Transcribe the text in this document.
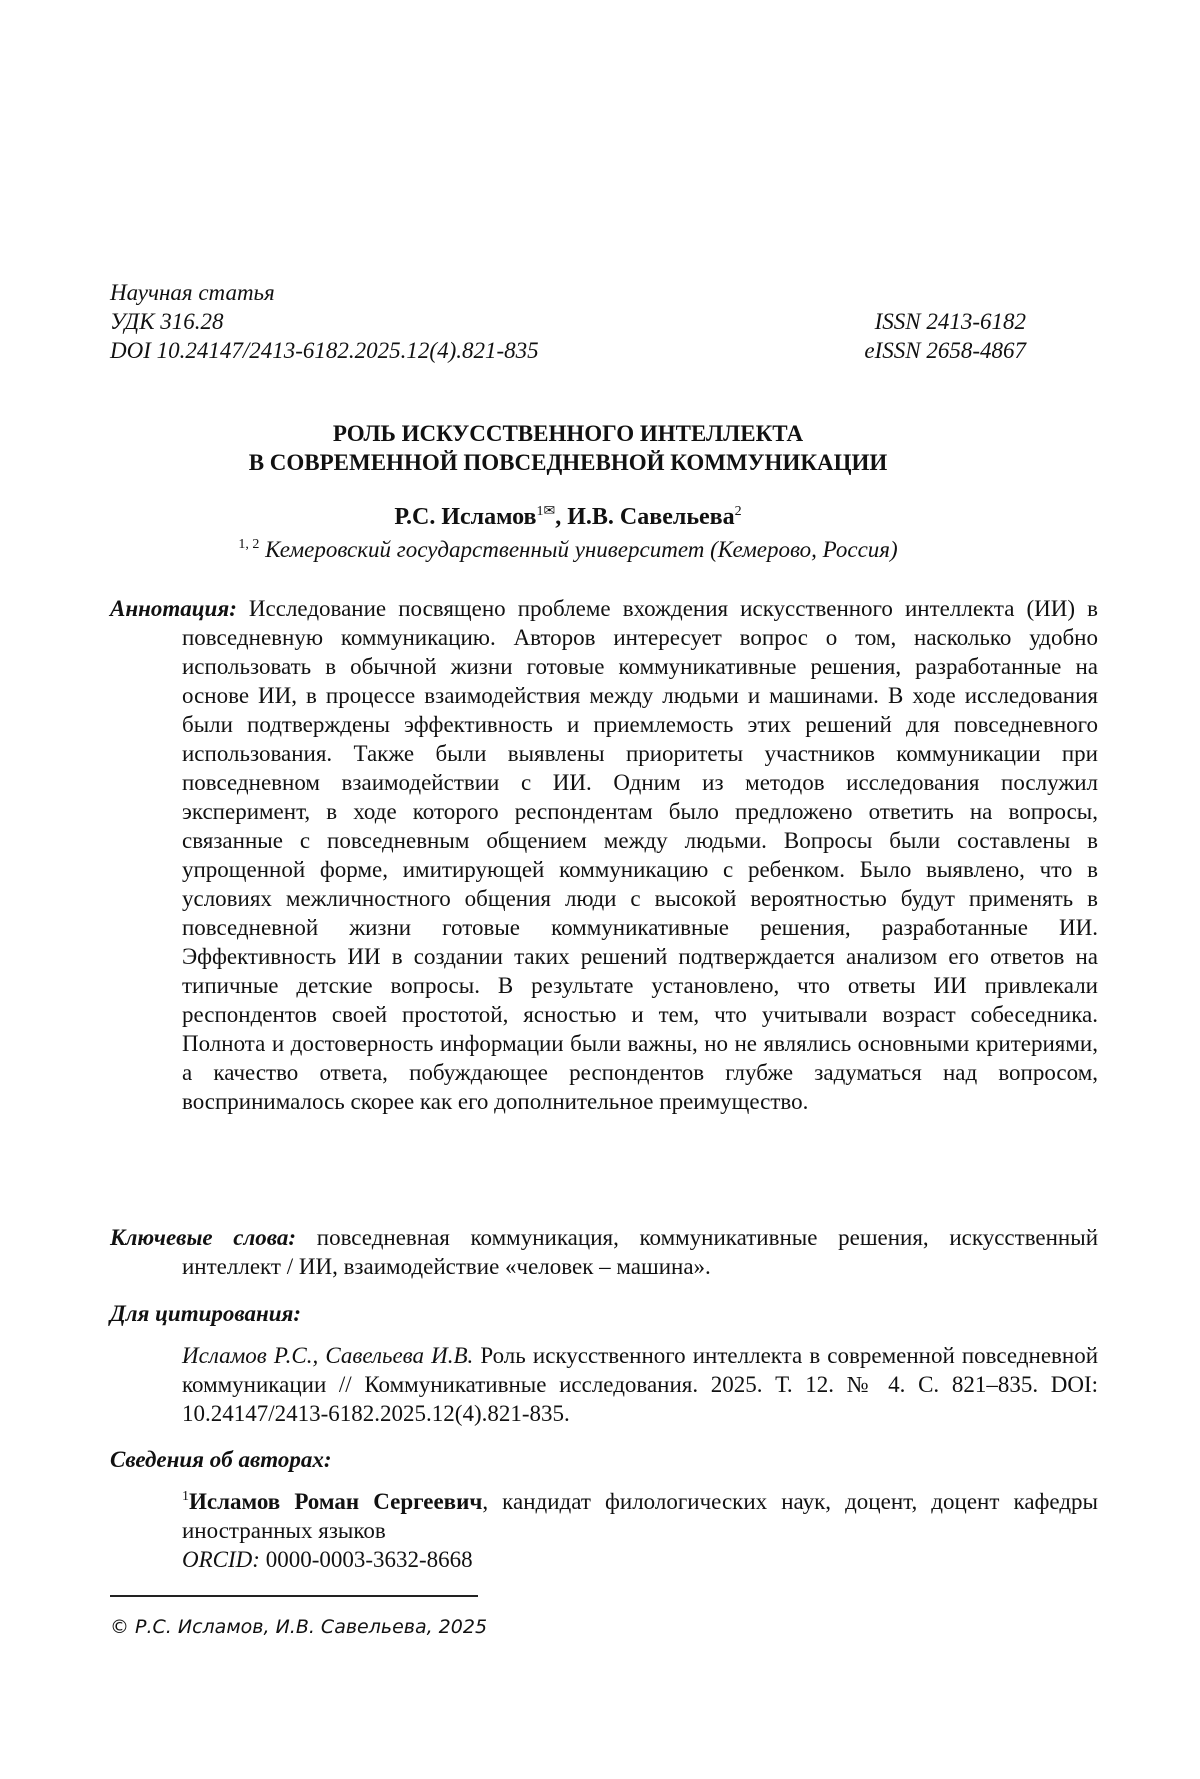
Научная статья
УДК 316.28	ISSN 2413-6182
DOI 10.24147/2413-6182.2025.12(4).821-835	eISSN 2658-4867
РОЛЬ ИСКУССТВЕННОГО ИНТЕЛЛЕКТА
В СОВРЕМЕННОЙ ПОВСЕДНЕВНОЙ КОММУНИКАЦИИ
Р.С. Исламов$^{1✉}$, И.В. Савельева$^2$
$^{1, 2}$ Кемеровский государственный университет (Кемерово, Россия)
Аннотация: Исследование посвящено проблеме вхождения искусственного интеллекта (ИИ) в повседневную коммуникацию. Авторов интересует вопрос о том, насколько удобно использовать в обычной жизни готовые коммуникативные решения, разработанные на основе ИИ, в процессе взаимодействия между людьми и машинами. В ходе исследования были подтверждены эффективность и приемлемость этих решений для повседневного использования. Также были выявлены приоритеты участников коммуникации при повседневном взаимодействии с ИИ. Одним из методов исследования послужил эксперимент, в ходе которого респондентам было предложено ответить на вопросы, связанные с повседневным общением между людьми. Вопросы были составлены в упрощенной форме, имитирующей коммуникацию с ребенком. Было выявлено, что в условиях межличностного общения люди с высокой вероятностью будут применять в повседневной жизни готовые коммуникативные решения, разработанные ИИ. Эффективность ИИ в создании таких решений подтверждается анализом его ответов на типичные детские вопросы. В результате установлено, что ответы ИИ привлекали респондентов своей простотой, ясностью и тем, что учитывали возраст собеседника. Полнота и достоверность информации были важны, но не являлись основными критериями, а качество ответа, побуждающее респондентов глубже задуматься над вопросом, воспринималось скорее как его дополнительное преимущество.
Ключевые слова: повседневная коммуникация, коммуникативные решения, искусственный интеллект / ИИ, взаимодействие «человек – машина».
Для цитирования:
Исламов Р.С., Савельева И.В. Роль искусственного интеллекта в современной повседневной коммуникации // Коммуникативные исследования. 2025. Т. 12. № 4. С. 821–835. DOI: 10.24147/2413-6182.2025.12(4).821-835.
Сведения об авторах:
$^1$Исламов Роман Сергеевич, кандидат филологических наук, доцент, доцент кафедры иностранных языков
ORCID: 0000-0003-3632-8668
© Р.С. Исламов, И.В. Савельева, 2025
